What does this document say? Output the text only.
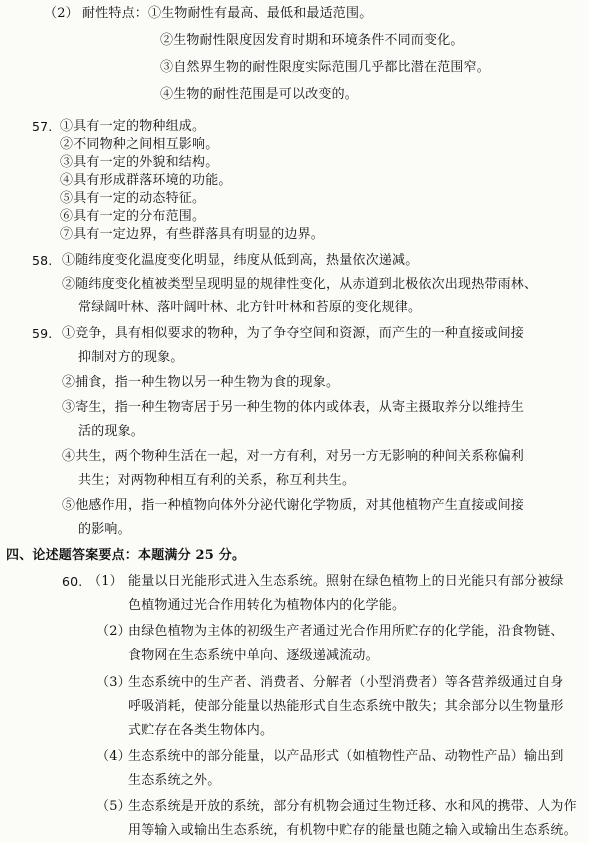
（2） 耐性特点：①生物耐性有最高、最低和最适范围。
②生物耐性限度因发育时期和环境条件不同而变化。
③自然界生物的耐性限度实际范围几乎都比潜在范围窄。
④生物的耐性范围是可以改变的。
57. ①具有一定的物种组成。
②不同物种之间相互影响。
③具有一定的外貌和结构。
④具有形成群落环境的功能。
⑤具有一定的动态特征。
⑥具有一定的分布范围。
⑦具有一定边界，有些群落具有明显的边界。
58. ①随纬度变化温度变化明显，纬度从低到高，热量依次递减。
②随纬度变化植被类型呈现明显的规律性变化，从赤道到北极依次出现热带雨林、
常绿阔叶林、落叶阔叶林、北方针叶林和苔原的变化规律。
59. ①竞争，具有相似要求的物种，为了争夺空间和资源，而产生的一种直接或间接
抑制对方的现象。
②捕食，指一种生物以另一种生物为食的现象。
③寄生，指一种生物寄居于另一种生物的体内或体表，从寄主摄取养分以维持生
活的现象。
④共生，两个物种生活在一起，对一方有利，对另一方无影响的种间关系称偏利
共生；对两物种相互有利的关系，称互利共生。
⑤他感作用，指一种植物向体外分泌代谢化学物质，对其他植物产生直接或间接
的影响。
四、论述题答案要点：本题满分 25 分。
60. （1） 能量以日光能形式进入生态系统。照射在绿色植物上的日光能只有部分被绿
色植物通过光合作用转化为植物体内的化学能。
（2）
由绿色植物为主体的初级生产者通过光合作用所贮存的化学能，沿食物链、
食物网在生态系统中单向、逐级递减流动。
（3）
生态系统中的生产者、消费者、分解者（小型消费者）等各营养级通过自身
呼吸消耗，使部分能量以热能形式自生态系统中散失；其余部分以生物量形
式贮存在各类生物体内。
（4）
生态系统中的部分能量，以产品形式（如植物性产品、动物性产品）输出到
生态系统之外。
（5）
生态系统是开放的系统，部分有机物会通过生物迁移、水和风的携带、人为作
用等输入或输出生态系统，有机物中贮存的能量也随之输入或输出生态系统。
